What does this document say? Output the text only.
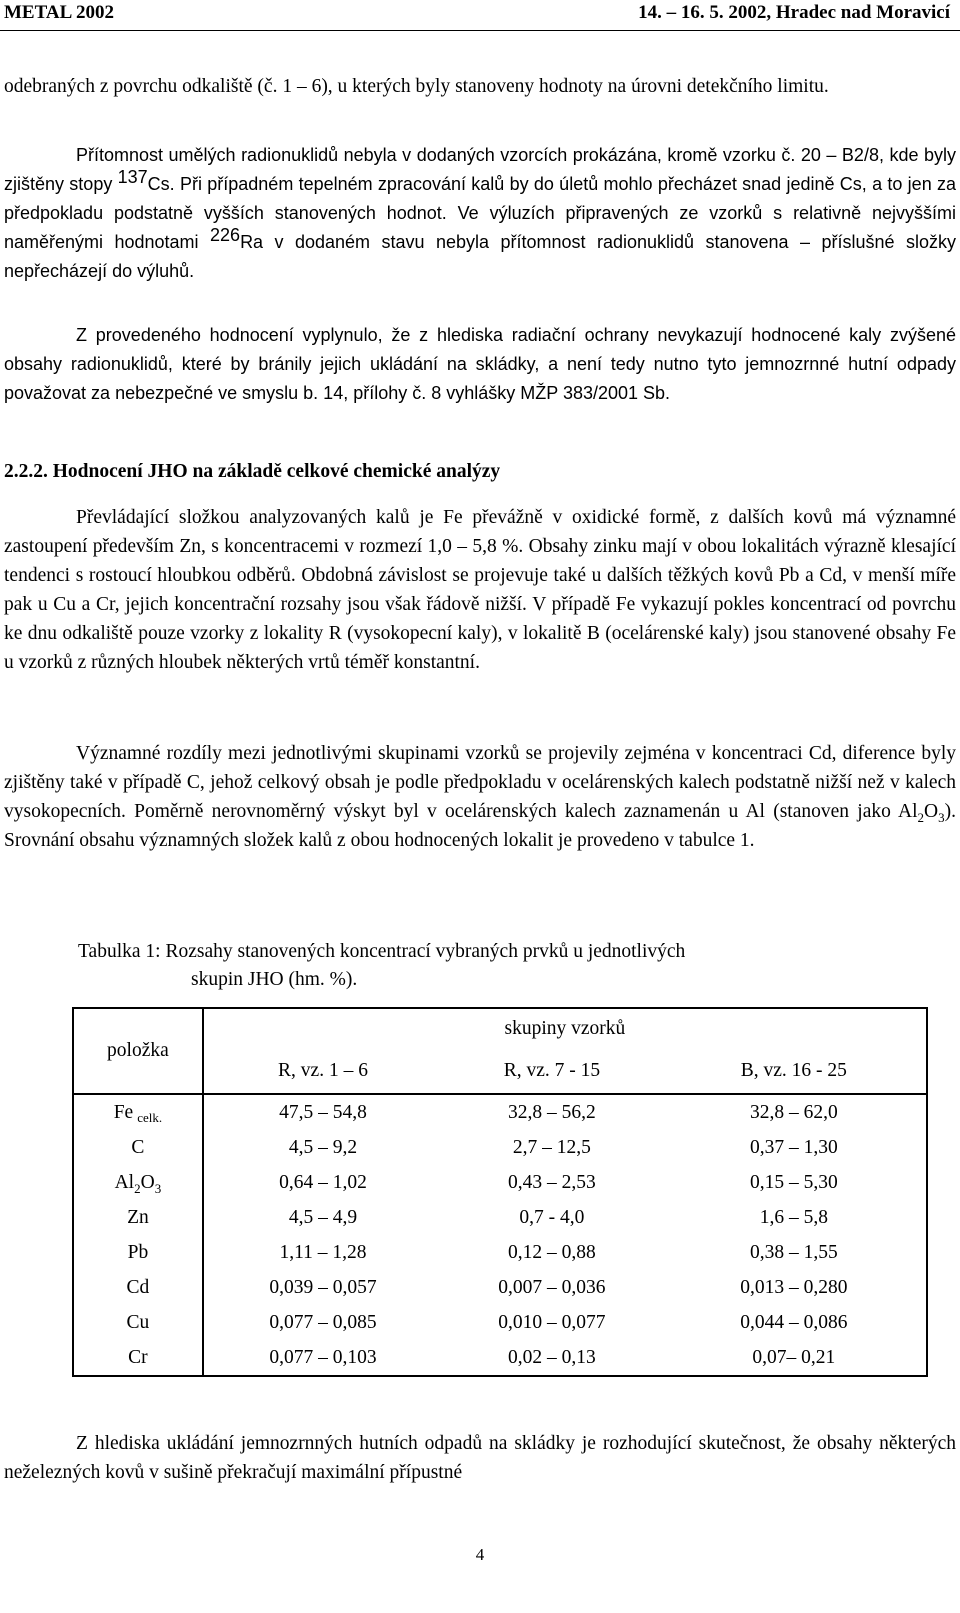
METAL 2002	14. – 16. 5. 2002, Hradec nad Moravicí

odebraných z povrchu odkaliště (č. 1 – 6), u kterých byly stanoveny hodnoty na úrovni detekčního limitu.

Přítomnost umělých radionuklidů nebyla v dodaných vzorcích prokázána, kromě vzorku č. 20 – B2/8, kde byly zjištěny stopy $^{137}$Cs. Při případném tepelném zpracování kalů by do úletů mohlo přecházet snad jedině Cs, a to jen za předpokladu podstatně vyšších stanovených hodnot. Ve výluzích připravených ze vzorků s relativně nejvyššími naměřenými hodnotami $^{226}$Ra v dodaném stavu nebyla přítomnost radionuklidů stanovena – příslušné složky nepřecházejí do výluhů.

Z provedeného hodnocení vyplynulo, že z hlediska radiační ochrany nevykazují hodnocené kaly zvýšené obsahy radionuklidů, které by bránily jejich ukládání na skládky, a není tedy nutno tyto jemnozrnné hutní odpady považovat za nebezpečné ve smyslu b. 14, přílohy č. 8 vyhlášky MŽP 383/2001 Sb.

2.2.2. Hodnocení JHO na základě celkové chemické analýzy

Převládající složkou analyzovaných kalů je Fe převážně v oxidické formě, z dalších kovů má významné zastoupení především Zn, s koncentracemi v rozmezí 1,0 – 5,8 %. Obsahy zinku mají v obou lokalitách výrazně klesající tendenci s rostoucí hloubkou odběrů. Obdobná závislost se projevuje také u dalších těžkých kovů Pb a Cd, v menší míře pak u Cu a Cr, jejich koncentrační rozsahy jsou však řádově nižší. V případě Fe vykazují pokles koncentrací od povrchu ke dnu odkaliště pouze vzorky z lokality R (vysokopecní kaly), v lokalitě B (ocelárenské kaly) jsou stanovené obsahy Fe u vzorků z různých hloubek některých vrtů téměř konstantní.

Významné rozdíly mezi jednotlivými skupinami vzorků se projevily zejména v koncentraci Cd, diference byly zjištěny také v případě C, jehož celkový obsah je podle předpokladu v ocelárenských kalech podstatně nižší než v kalech vysokopecních. Poměrně nerovnoměrný výskyt byl v ocelárenských kalech zaznamenán u Al (stanoven jako $Al_2O_3$). Srovnání obsahu významných složek kalů z obou hodnocených lokalit je provedeno v tabulce 1.

Tabulka 1: Rozsahy stanovených koncentrací vybraných prvků u jednotlivých
skupin JHO (hm. %).
položka	skupiny vzorků		
	R, vz. 1 – 6	R, vz. 7 - 15	B, vz. 16 - 25
Fe $_{celk.}$	47,5 – 54,8	32,8 – 56,2	32,8 – 62,0
C	4,5 – 9,2	2,7 – 12,5	0,37 – 1,30
$Al_2O_3$	0,64 – 1,02	0,43 – 2,53	0,15 – 5,30
Zn	4,5 – 4,9	0,7 - 4,0	1,6 – 5,8
Pb	1,11 – 1,28	0,12 – 0,88	0,38 – 1,55
Cd	0,039 – 0,057	0,007 – 0,036	0,013 – 0,280
Cu	0,077 – 0,085	0,010 – 0,077	0,044 – 0,086
Cr	0,077 – 0,103	0,02 – 0,13	0,07– 0,21

Z hlediska ukládání jemnozrnných hutních odpadů na skládky je rozhodující skutečnost, že obsahy některých neželezných kovů v sušině překračují maximální přípustné

4
